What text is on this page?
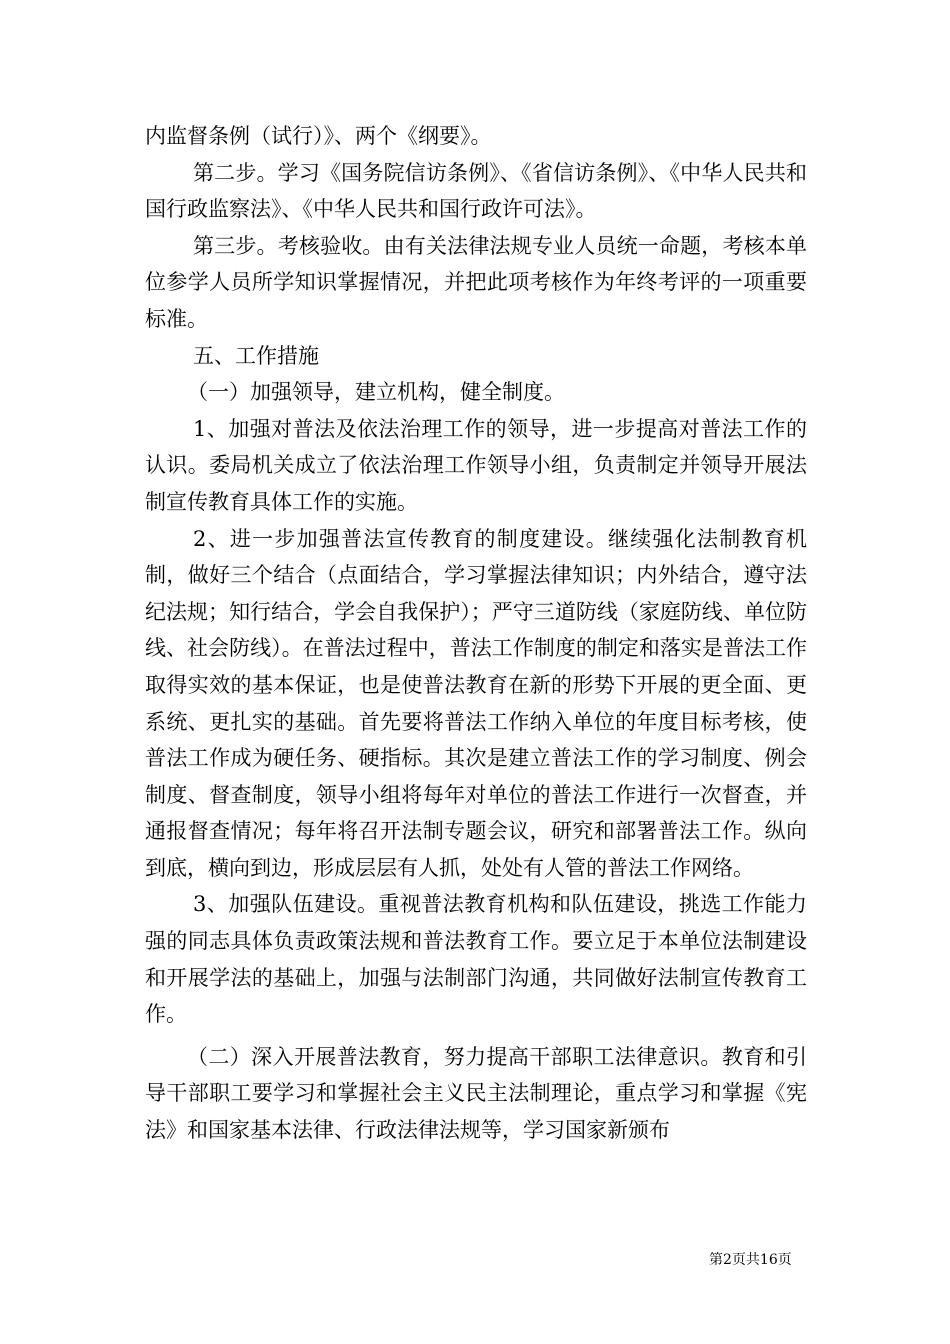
内监督条例（试行）》、两个《纲要》。

第二步。学习《国务院信访条例》、《省信访条例》、《中华人民共和国行政监察法》、《中华人民共和国行政许可法》。

第三步。考核验收。由有关法律法规专业人员统一命题，考核本单位参学人员所学知识掌握情况，并把此项考核作为年终考评的一项重要标准。

五、工作措施

（一）加强领导，建立机构，健全制度。

1、加强对普法及依法治理工作的领导，进一步提高对普法工作的认识。委局机关成立了依法治理工作领导小组，负责制定并领导开展法制宣传教育具体工作的实施。

2、进一步加强普法宣传教育的制度建设。继续强化法制教育机制，做好三个结合（点面结合，学习掌握法律知识；内外结合，遵守法纪法规；知行结合，学会自我保护）；严守三道防线（家庭防线、单位防线、社会防线）。在普法过程中，普法工作制度的制定和落实是普法工作取得实效的基本保证，也是使普法教育在新的形势下开展的更全面、更系统、更扎实的基础。首先要将普法工作纳入单位的年度目标考核，使普法工作成为硬任务、硬指标。其次是建立普法工作的学习制度、例会制度、督查制度，领导小组将每年对单位的普法工作进行一次督查，并通报督查情况；每年将召开法制专题会议，研究和部署普法工作。纵向到底，横向到边，形成层层有人抓，处处有人管的普法工作网络。

3、加强队伍建设。重视普法教育机构和队伍建设，挑选工作能力强的同志具体负责政策法规和普法教育工作。要立足于本单位法制建设和开展学法的基础上，加强与法制部门沟通，共同做好法制宣传教育工作。

（二）深入开展普法教育，努力提高干部职工法律意识。教育和引导干部职工要学习和掌握社会主义民主法制理论，重点学习和掌握《宪法》和国家基本法律、行政法律法规等，学习国家新颁布

第2页共16页
